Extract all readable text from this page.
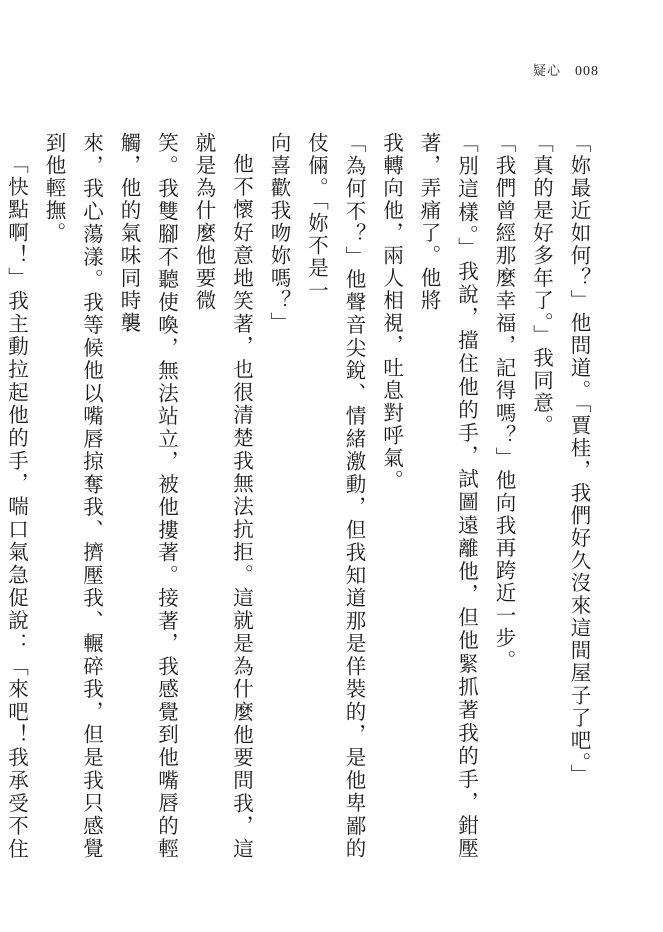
疑心 008

「妳最近如何？」他問道。「賈桂，我們好久沒來這間屋子了吧。」

「真的是好多年了。」我同意。

「我們曾經那麼幸福，記得嗎？」他向我再跨近一步。

「別這樣。」我說，擋住他的手，試圖遠離他，但他緊抓著我的手，鉗壓著，弄痛了。他將

我轉向他，兩人相視，吐息對呼氣。

「為何不？」他聲音尖銳、情緒激動，但我知道那是佯裝的，是他卑鄙的伎倆。「妳不是一

向喜歡我吻妳嗎？」

他不懷好意地笑著，也很清楚我無法抗拒。這就是為什麼他要問我，這就是為什麼他要微

笑。我雙腳不聽使喚，無法站立，被他摟著。接著，我感覺到他嘴唇的輕觸，他的氣味同時襲

來，我心蕩漾。我等候他以嘴唇掠奪我、擠壓我、輾碎我，但是我只感覺到他輕撫。

「快點啊！」我主動拉起他的手，喘口氣急促說：「來吧！我承受不住
